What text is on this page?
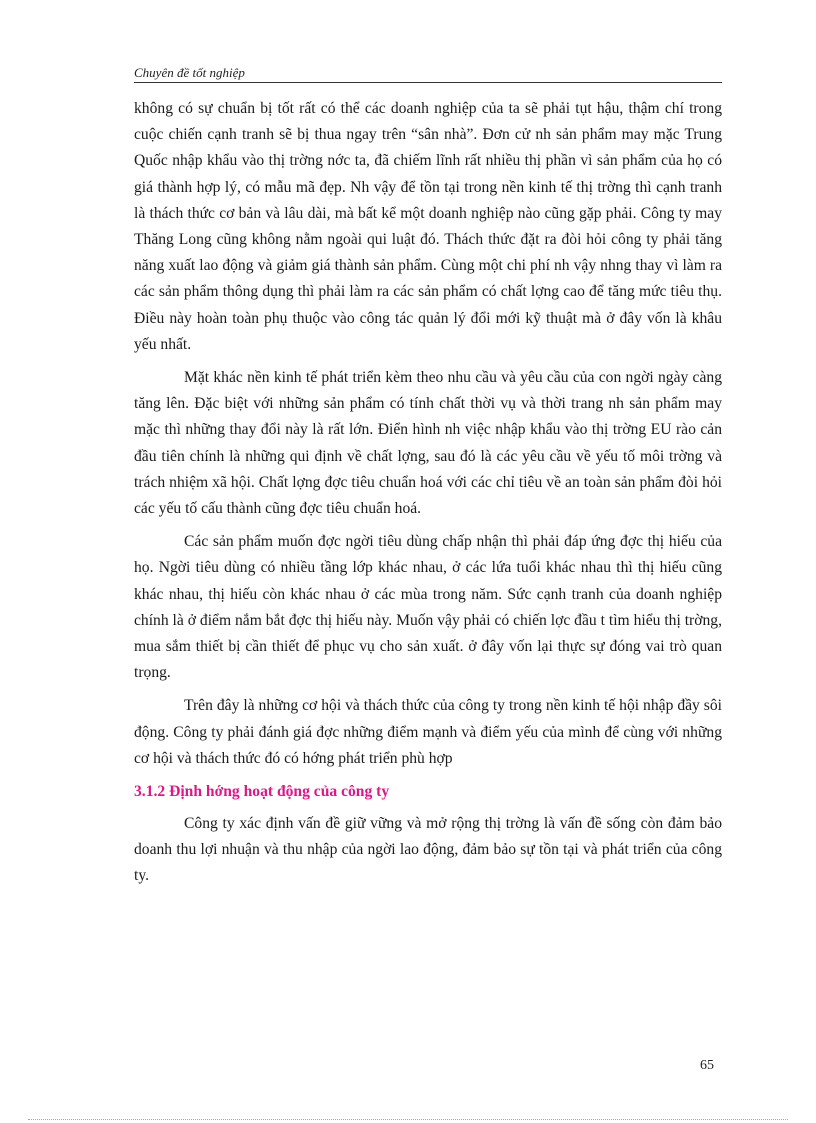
Chuyên đề tốt nghiệp

không có sự chuẩn bị tốt rất có thể các doanh nghiệp của ta sẽ phải tụt hậu, thậm chí trong cuộc chiến cạnh tranh sẽ bị thua ngay trên “sân nhà”. Đơn cử nh sản phẩm may mặc Trung Quốc nhập khẩu vào thị trờng nớc ta, đã chiếm lĩnh rất nhiều thị phần vì sản phẩm của họ có giá thành hợp lý, có mẫu mã đẹp. Nh vậy để tồn tại trong nền kinh tế thị trờng thì cạnh tranh là thách thức cơ bản và lâu dài, mà bất kể một doanh nghiệp nào cũng gặp phải. Công ty may Thăng Long cũng không nằm ngoài qui luật đó. Thách thức đặt ra đòi hỏi công ty phải tăng năng xuất lao động và giảm giá thành sản phẩm. Cùng một chi phí nh vậy nhng thay vì làm ra các sản phẩm thông dụng thì phải làm ra các sản phẩm có chất lợng cao để tăng mức tiêu thụ. Điều này hoàn toàn phụ thuộc vào công tác quản lý đổi mới kỹ thuật mà ở đây vốn là khâu yếu nhất.

Mặt khác nền kinh tế phát triển kèm theo nhu cầu và yêu cầu của con ngời ngày càng tăng lên. Đặc biệt với những sản phẩm có tính chất thời vụ và thời trang nh sản phẩm may mặc thì những thay đổi này là rất lớn. Điển hình nh việc nhập khẩu vào thị trờng EU rào cản đầu tiên chính là những qui định về chất lợng, sau đó là các yêu cầu về yếu tố môi trờng và trách nhiệm xã hội. Chất lợng đợc tiêu chuẩn hoá với các chỉ tiêu về an toàn sản phẩm đòi hỏi các yếu tố cấu thành cũng đợc tiêu chuẩn hoá.

Các sản phẩm muốn đợc ngời tiêu dùng chấp nhận thì phải đáp ứng đợc thị hiếu của họ. Ngời tiêu dùng có nhiều tầng lớp khác nhau, ở các lứa tuổi khác nhau thì thị hiếu cũng khác nhau, thị hiếu còn khác nhau ở các mùa trong năm. Sức cạnh tranh của doanh nghiệp chính là ở điểm nắm bắt đợc thị hiếu này. Muốn vậy phải có chiến lợc đầu t tìm hiểu thị trờng, mua sắm thiết bị cần thiết để phục vụ cho sản xuất. ở đây vốn lại thực sự đóng vai trò quan trọng.

Trên đây là những cơ hội và thách thức của công ty trong nền kinh tế hội nhập đầy sôi động. Công ty phải đánh giá đợc những điểm mạnh và điểm yếu của mình để cùng với những cơ hội và thách thức đó có hớng phát triển phù hợp

3.1.2 Định hớng hoạt động của công ty

Công ty xác định vấn đề giữ vững và mở rộng thị trờng là vấn đề sống còn đảm bảo doanh thu lợi nhuận và thu nhập của ngời lao động, đảm bảo sự tồn tại và phát triển của công ty.

65
